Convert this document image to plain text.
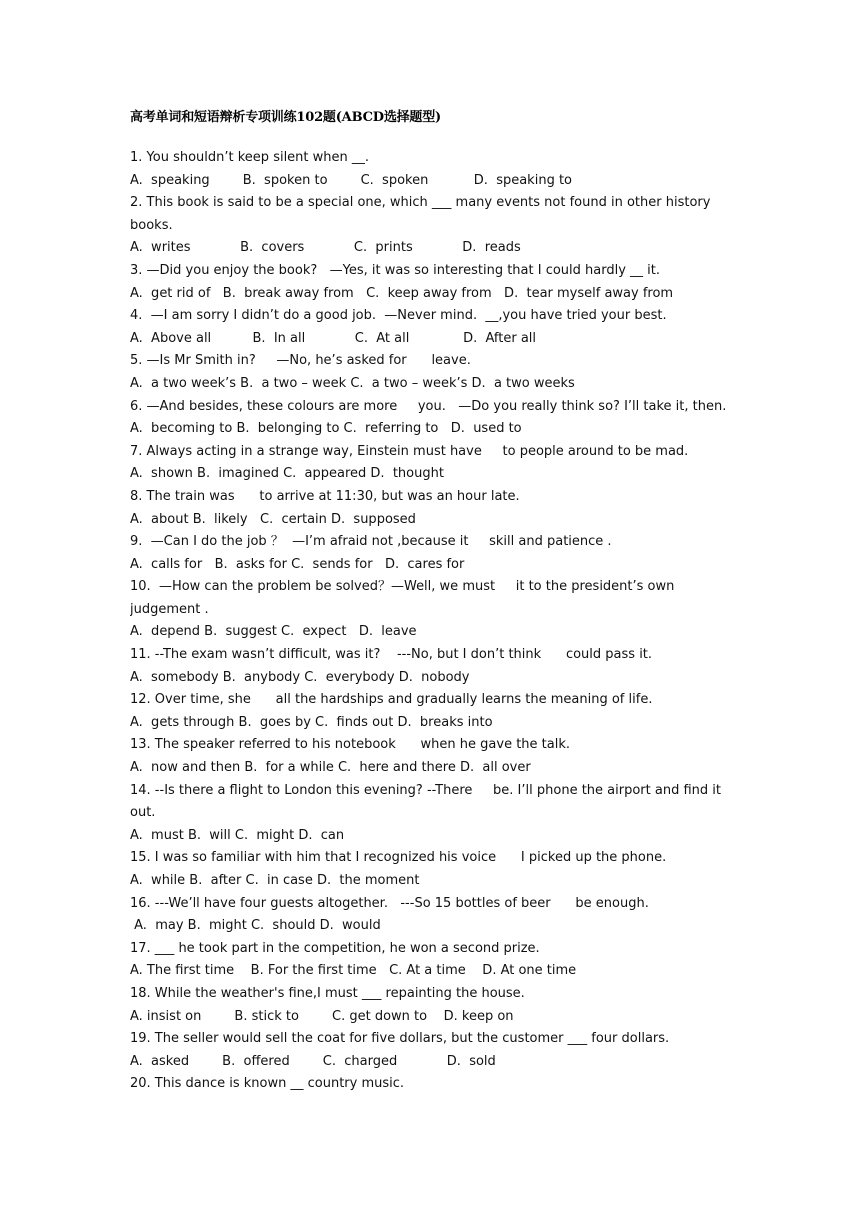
高考单词和短语辩析专项训练102题(ABCD选择题型)
1. You shouldn’t keep silent when __.
A.  speaking        B.  spoken to        C.  spoken           D.  speaking to
2. This book is said to be a special one, which ___ many events not found in other history
books.
A.  writes            B.  covers            C.  prints            D.  reads
3. —Did you enjoy the book?   —Yes, it was so interesting that I could hardly __ it.
A.  get rid of   B.  break away from   C.  keep away from   D.  tear myself away from
4.  —I am sorry I didn’t do a good job.  —Never mind.  __,you have tried your best.
A.  Above all          B.  In all            C.  At all             D.  After all
5. —Is Mr Smith in?     —No, he’s asked for      leave.
A.  a two week’s B.  a two – week C.  a two – week’s D.  a two weeks
6. —And besides, these colours are more     you.   —Do you really think so? I’ll take it, then.
A.  becoming to B.  belonging to C.  referring to   D.  used to
7. Always acting in a strange way, Einstein must have     to people around to be mad.
A.  shown B.  imagined C.  appeared D.  thought
8. The train was      to arrive at 11:30, but was an hour late.
A.  about B.  likely   C.  certain D.  supposed
9.  —Can I do the job ？  —I’m afraid not ,because it     skill and patience .
A.  calls for   B.  asks for C.  sends for   D.  cares for
10.  —How can the problem be solved？—Well, we must     it to the president’s own
judgement .
A.  depend B.  suggest C.  expect   D.  leave
11. --The exam wasn’t difficult, was it?    ---No, but I don’t think      could pass it.
A.  somebody B.  anybody C.  everybody D.  nobody
12. Over time, she      all the hardships and gradually learns the meaning of life.
A.  gets through B.  goes by C.  finds out D.  breaks into
13. The speaker referred to his notebook      when he gave the talk.
A.  now and then B.  for a while C.  here and there D.  all over
14. --Is there a flight to London this evening? --There     be. I’ll phone the airport and find it
out.
A.  must B.  will C.  might D.  can
15. I was so familiar with him that I recognized his voice      I picked up the phone.
A.  while B.  after C.  in case D.  the moment
16. ---We’ll have four guests altogether.   ---So 15 bottles of beer      be enough.
A.  may B.  might C.  should D.  would
17. ___ he took part in the competition, he won a second prize.
A. The first time    B. For the first time   C. At a time    D. At one time
18. While the weather's fine,I must ___ repainting the house.
A. insist on        B. stick to        C. get down to    D. keep on
19. The seller would sell the coat for five dollars, but the customer ___ four dollars.
A.  asked        B.  offered        C.  charged            D.  sold
20. This dance is known __ country music.
